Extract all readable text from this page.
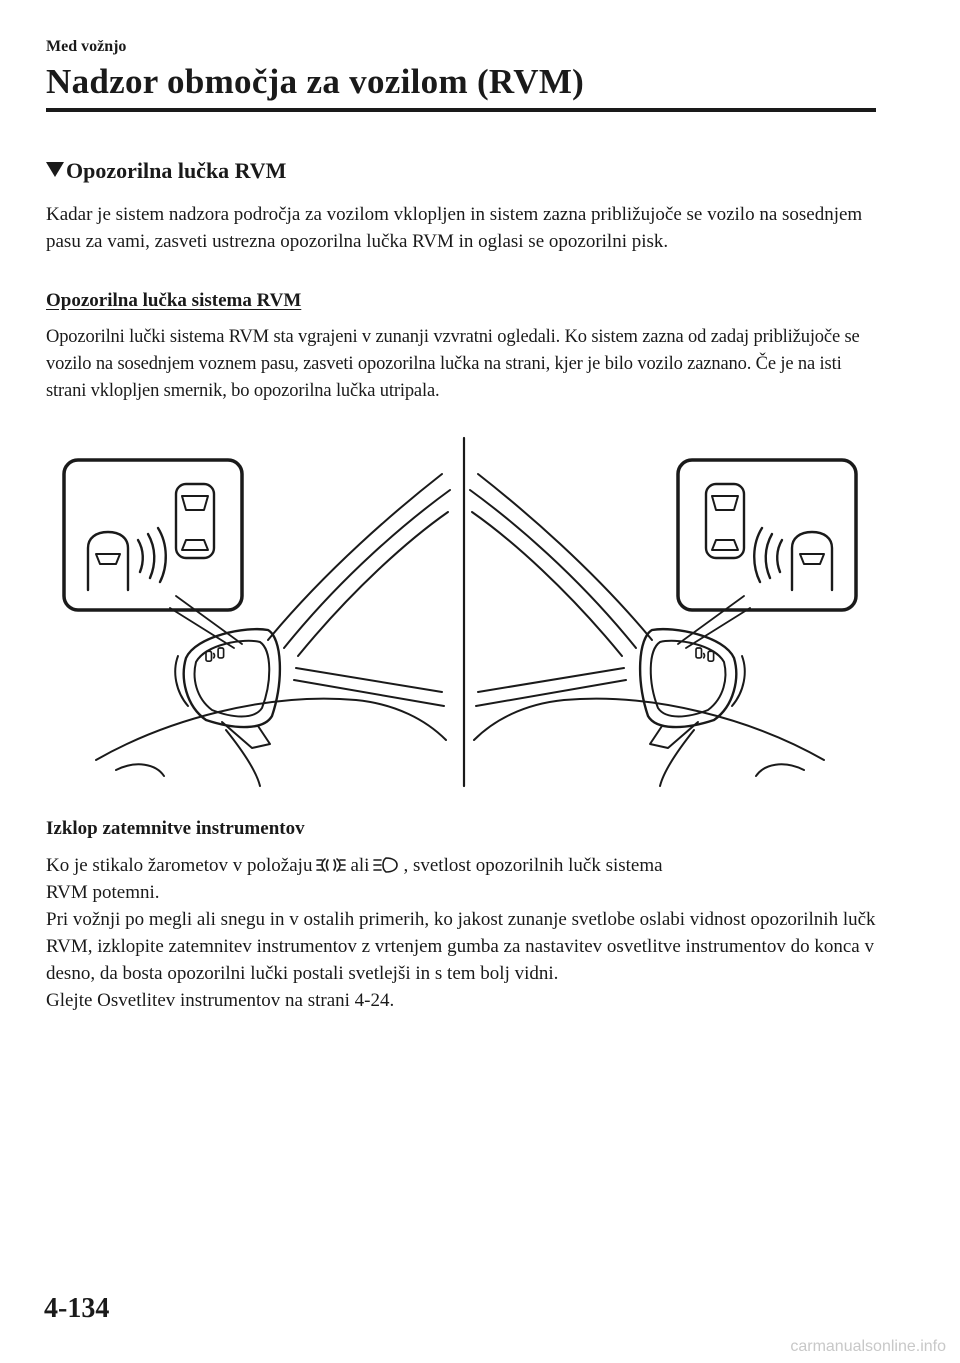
Med vožnjo
Nadzor območja za vozilom (RVM)
Opozorilna lučka RVM
Kadar je sistem nadzora področja za vozilom vklopljen in sistem zazna približujoče se vozilo na sosednjem pasu za vami, zasveti ustrezna opozorilna lučka RVM in oglasi se opozorilni pisk.
Opozorilna lučka sistema RVM
Opozorilni lučki sistema RVM sta vgrajeni v zunanji vzvratni ogledali. Ko sistem zazna od zadaj približujoče se vozilo na sosednjem voznem pasu, zasveti opozorilna lučka na strani, kjer je bilo vozilo zaznano. Če je na isti strani vklopljen smernik, bo opozorilna lučka utripala.
Izklop zatemnitve instrumentov
Ko je stikalo žarometov v položaju ali , svetlost opozorilnih lučk sistema
RVM potemni.
Pri vožnji po megli ali snegu in v ostalih primerih, ko jakost zunanje svetlobe oslabi vidnost opozorilnih lučk RVM, izklopite zatemnitev instrumentov z vrtenjem gumba za nastavitev osvetlitve instrumentov do konca v desno, da bosta opozorilni lučki postali svetlejši in s tem bolj vidni.
Glejte Osvetlitev instrumentov na strani 4-24.
4-134
carmanualsonline.info
